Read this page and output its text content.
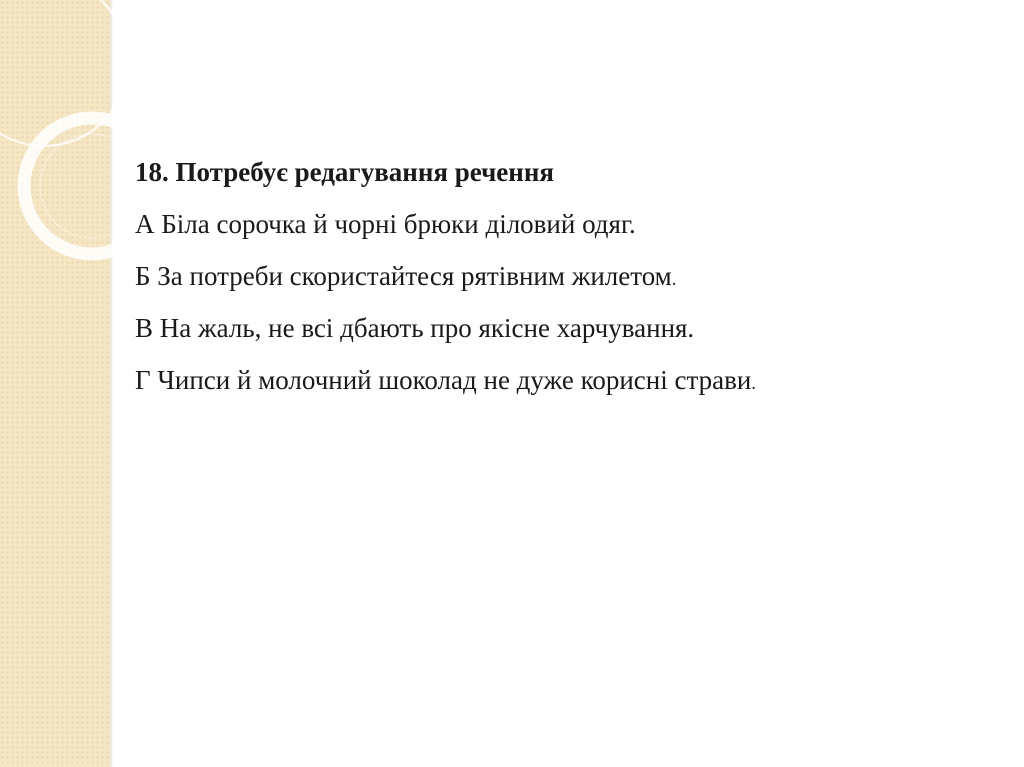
18. Потребує редагування речення
А Біла сорочка й чорні брюки діловий одяг.
Б За потреби скористайтеся рятівним жилетом.
В На жаль, не всі дбають про якісне харчування.
Г Чипси й молочний шоколад не дуже корисні страви.
